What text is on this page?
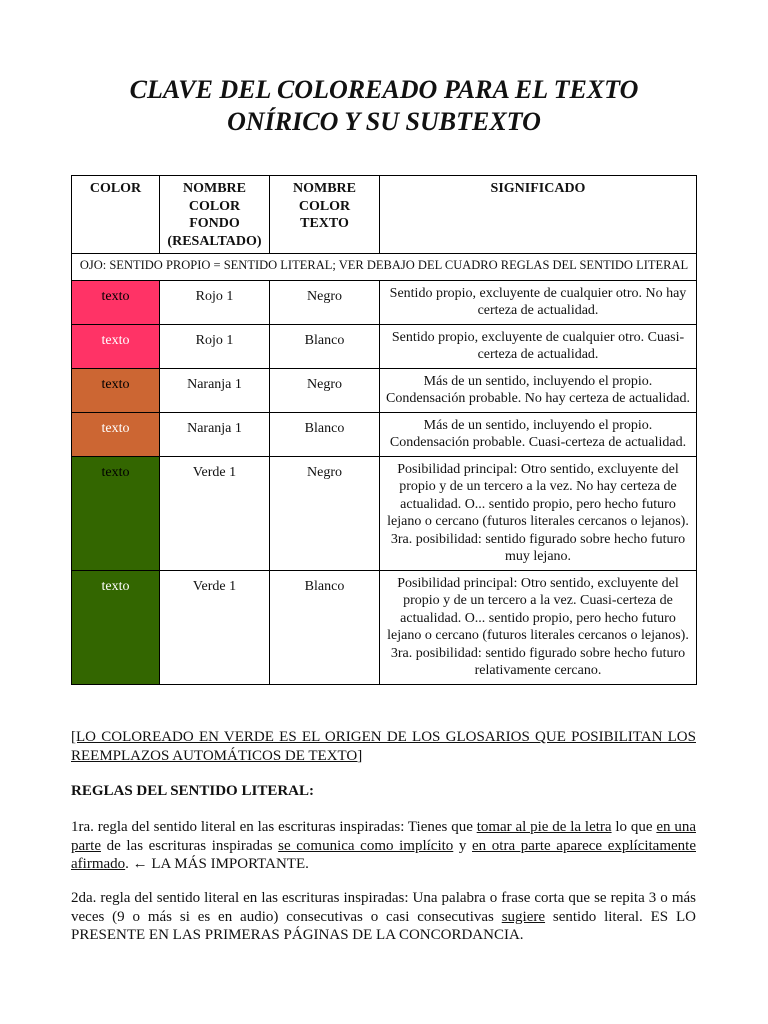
CLAVE DEL COLOREADO PARA EL TEXTO
ONÍRICO Y SU SUBTEXTO
COLOR	NOMBRE COLOR FONDO (RESALTADO)	NOMBRE COLOR TEXTO	SIGNIFICADO
OJO: SENTIDO PROPIO = SENTIDO LITERAL; VER DEBAJO DEL CUADRO REGLAS DEL SENTIDO LITERAL			
texto	Rojo 1	Negro	Sentido propio, excluyente de cualquier otro. No hay certeza de actualidad.
texto	Rojo 1	Blanco	Sentido propio, excluyente de cualquier otro. Cuasi-certeza de actualidad.
texto	Naranja 1	Negro	Más de un sentido, incluyendo el propio. Condensación probable. No hay certeza de actualidad.
texto	Naranja 1	Blanco	Más de un sentido, incluyendo el propio. Condensación probable. Cuasi-certeza de actualidad.
texto	Verde 1	Negro	Posibilidad principal: Otro sentido, excluyente del propio y de un tercero a la vez. No hay certeza de actualidad. O... sentido propio, pero hecho futuro lejano o cercano (futuros literales cercanos o lejanos). 3ra. posibilidad: sentido figurado sobre hecho futuro muy lejano.
texto	Verde 1	Blanco	Posibilidad principal: Otro sentido, excluyente del propio y de un tercero a la vez. Cuasi-certeza de actualidad. O... sentido propio, pero hecho futuro lejano o cercano (futuros literales cercanos o lejanos). 3ra. posibilidad: sentido figurado sobre hecho futuro relativamente cercano.

[LO COLOREADO EN VERDE ES EL ORIGEN DE LOS GLOSARIOS QUE POSIBILITAN LOS REEMPLAZOS AUTOMÁTICOS DE TEXTO]

REGLAS DEL SENTIDO LITERAL:

1ra. regla del sentido literal en las escrituras inspiradas: Tienes que tomar al pie de la letra lo que en una parte de las escrituras inspiradas se comunica como implícito y en otra parte aparece explícitamente afirmado. ← LA MÁS IMPORTANTE.

2da. regla del sentido literal en las escrituras inspiradas: Una palabra o frase corta que se repita 3 o más veces (9 o más si es en audio) consecutivas o casi consecutivas sugiere sentido literal. ES LO PRESENTE EN LAS PRIMERAS PÁGINAS DE LA CONCORDANCIA.
